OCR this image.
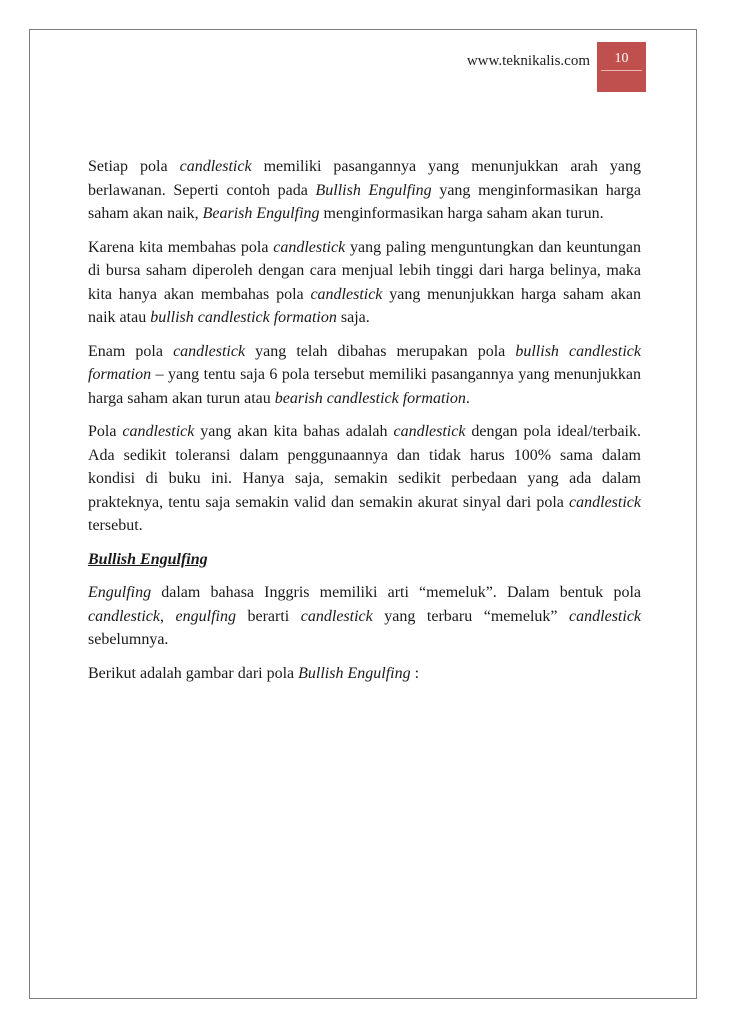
www.teknikalis.com	10

Setiap pola candlestick memiliki pasangannya yang menunjukkan arah yang berlawanan. Seperti contoh pada Bullish Engulfing yang menginformasikan harga saham akan naik, Bearish Engulfing menginformasikan harga saham akan turun.

Karena kita membahas pola candlestick yang paling menguntungkan dan keuntungan di bursa saham diperoleh dengan cara menjual lebih tinggi dari harga belinya, maka kita hanya akan membahas pola candlestick yang menunjukkan harga saham akan naik atau bullish candlestick formation saja.

Enam pola candlestick yang telah dibahas merupakan pola bullish candlestick formation – yang tentu saja 6 pola tersebut memiliki pasangannya yang menunjukkan harga saham akan turun atau bearish candlestick formation.

Pola candlestick yang akan kita bahas adalah candlestick dengan pola ideal/terbaik. Ada sedikit toleransi dalam penggunaannya dan tidak harus 100% sama dalam kondisi di buku ini. Hanya saja, semakin sedikit perbedaan yang ada dalam prakteknya, tentu saja semakin valid dan semakin akurat sinyal dari pola candlestick tersebut.

Bullish Engulfing

Engulfing dalam bahasa Inggris memiliki arti “memeluk”. Dalam bentuk pola candlestick, engulfing berarti candlestick yang terbaru “memeluk” candlestick sebelumnya.

Berikut adalah gambar dari pola Bullish Engulfing :
